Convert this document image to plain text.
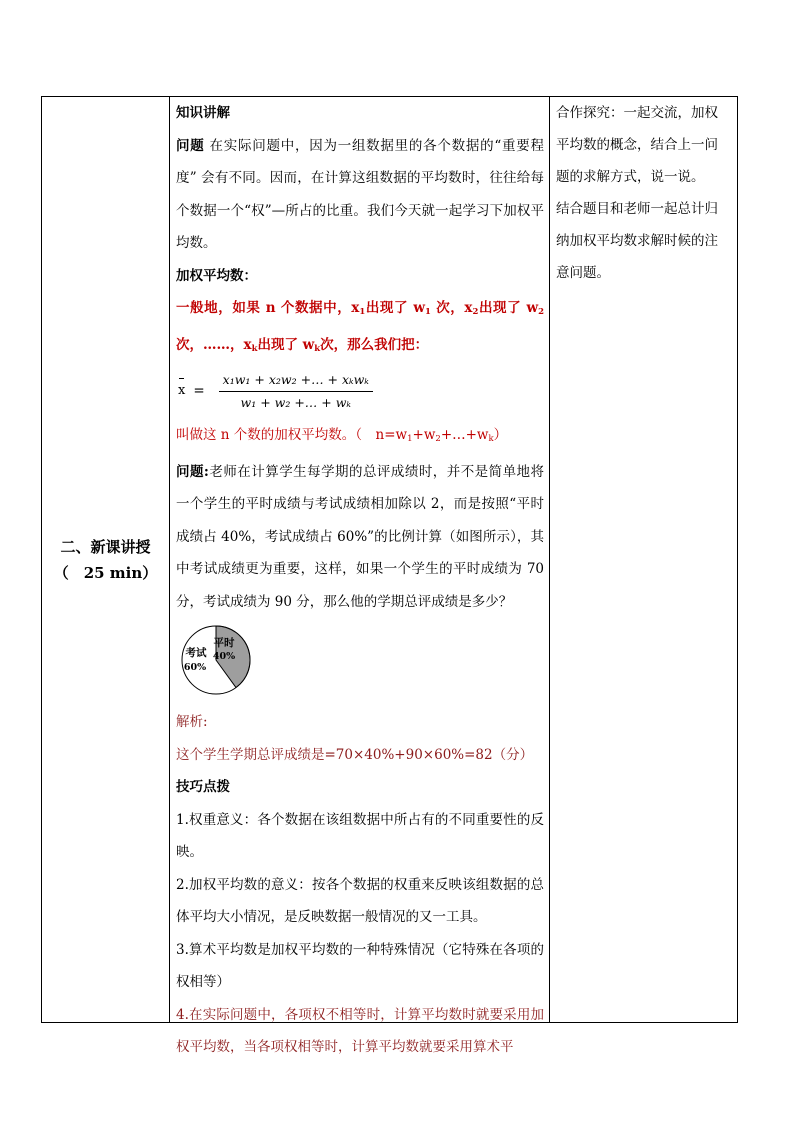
二、新课讲授
（　25 min）

知识讲解

问题 在实际问题中，因为一组数据里的各个数据的“重要程度” 会有不同。因而，在计算这组数据的平均数时，往往给每个数据一个“权”—所占的比重。我们今天就一起学习下加权平均数。

加权平均数：

一般地，如果 n 个数据中，$x_1$出现了 $w_1$ 次，$x_2$出现了 $w_2$ 次，……，$x_k$出现了 $w_k$次，那么我们把：

$x = \frac{\text{x₁w₁ + x₂w₂ +… + xₖwₖ}}{\text{w₁ + w₂ +… + wₖ}}$

叫做这 n 个数的加权平均数。（　$n=w_1+w_2+\dots+w_k$）

问题:老师在计算学生每学期的总评成绩时，并不是简单地将一个学生的平时成绩与考试成绩相加除以 2，而是按照“平时成绩占 40%，考试成绩占 60%”的比例计算（如图所示），其中考试成绩更为重要，这样，如果一个学生的平时成绩为 70 分，考试成绩为 90 分，那么他的学期总评成绩是多少？

平时
40%
考试
60%

解析:

这个学生学期总评成绩是=70×40%+90×60%=82（分）

技巧点拨

1.权重意义：各个数据在该组数据中所占有的不同重要性的反映。

2.加权平均数的意义：按各个数据的权重来反映该组数据的总体平均大小情况，是反映数据一般情况的又一工具。

3.算术平均数是加权平均数的一种特殊情况（它特殊在各项的权相等）

4.在实际问题中，各项权不相等时，计算平均数时就要采用加权平均数，当各项权相等时，计算平均数就要采用算术平

合作探究：一起交流，加权平均数的概念，结合上一问题的求解方式，说一说。

结合题目和老师一起总计归纳加权平均数求解时候的注意问题。
